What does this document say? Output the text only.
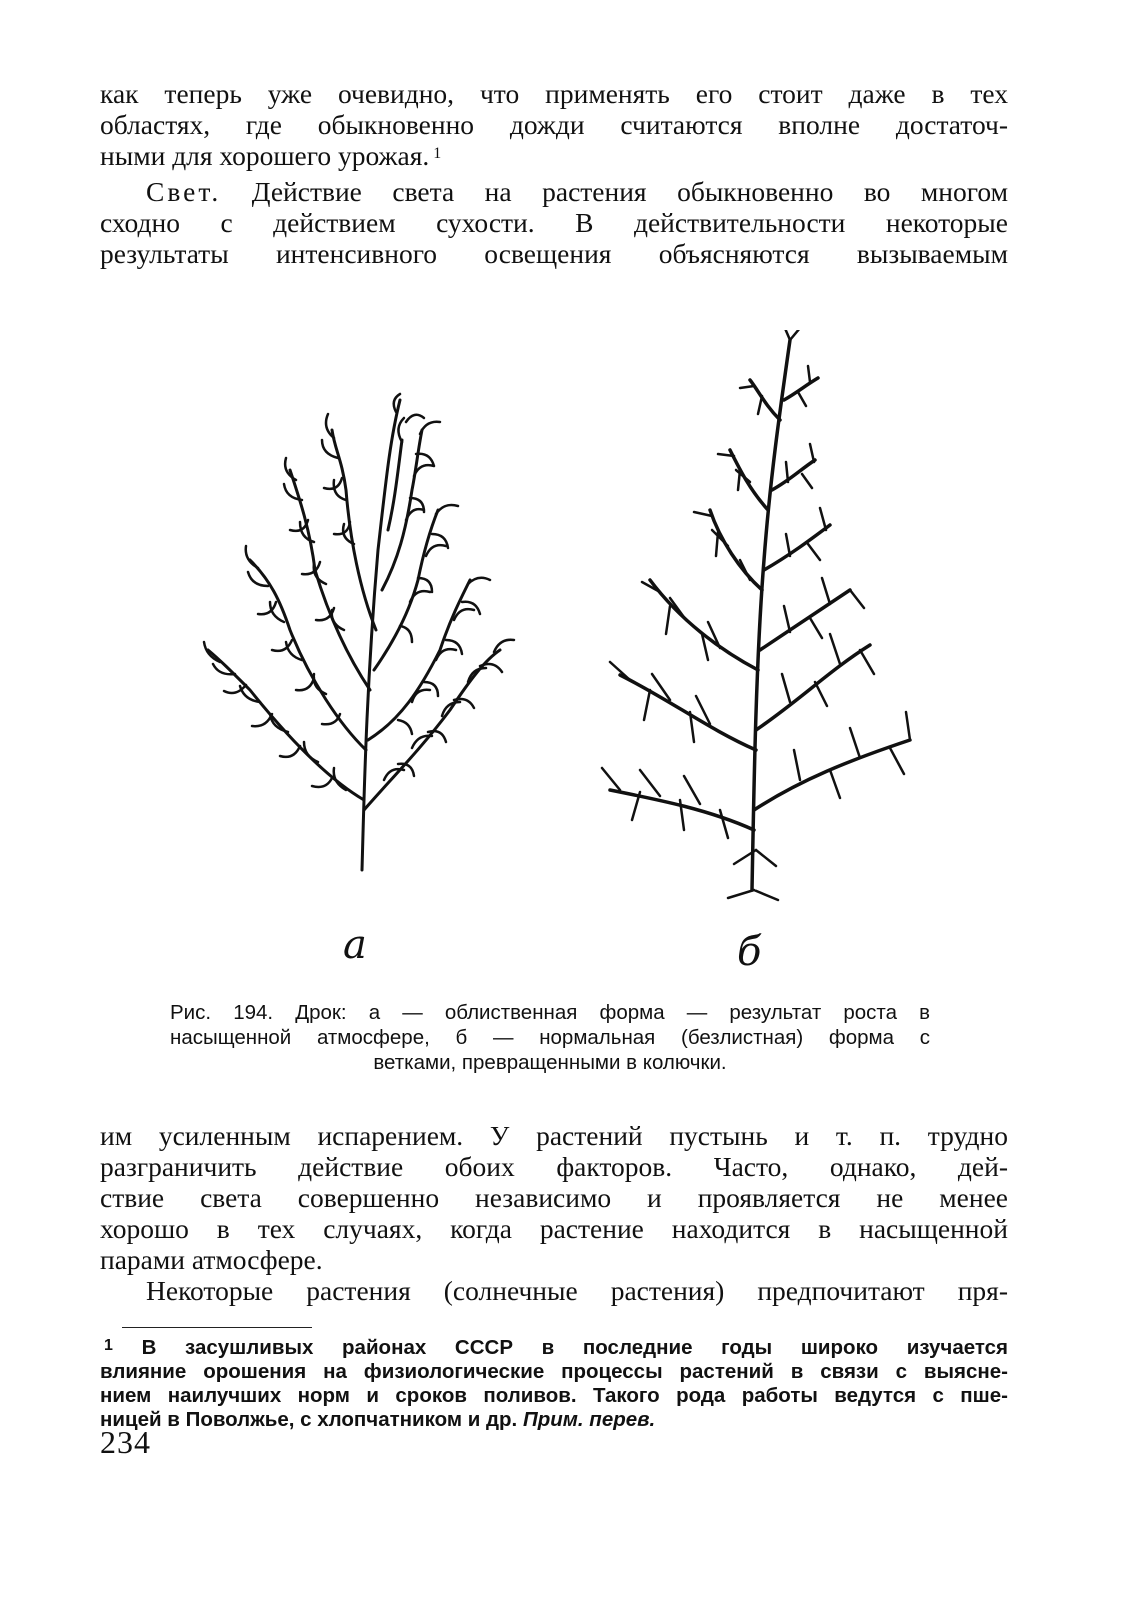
как теперь уже очевидно, что применять его стоит даже в тех
областях, где обыкновенно дожди считаются вполне достаточ-
ными для хорошего урожая. $^1$
Свет. Действие света на растения обыкновенно во многом
сходно с действием сухости. В действительности некоторые
результаты интенсивного освещения объясняются вызываемым
а	б
Рис. 194. Дрок: а — облиственная форма — результат роста в
насыщенной атмосфере, б — нормальная (безлистная) форма с
ветками, превращенными в колючки.
им усиленным испарением. У растений пустынь и т. п. трудно
разграничить действие обоих факторов. Часто, однако, дей-
ствие света совершенно независимо и проявляется не менее
хорошо в тех случаях, когда растение находится в насыщенной
парами атмосфере.
Некоторые растения (солнечные растения) предпочитают пря-
$^1$ В засушливых районах СССР в последние годы широко изучается
влияние орошения на физиологические процессы растений в связи с выясне-
нием наилучших норм и сроков поливов. Такого рода работы ведутся с пше-
ницей в Поволжье, с хлопчатником и др. Прим. перев.
234
